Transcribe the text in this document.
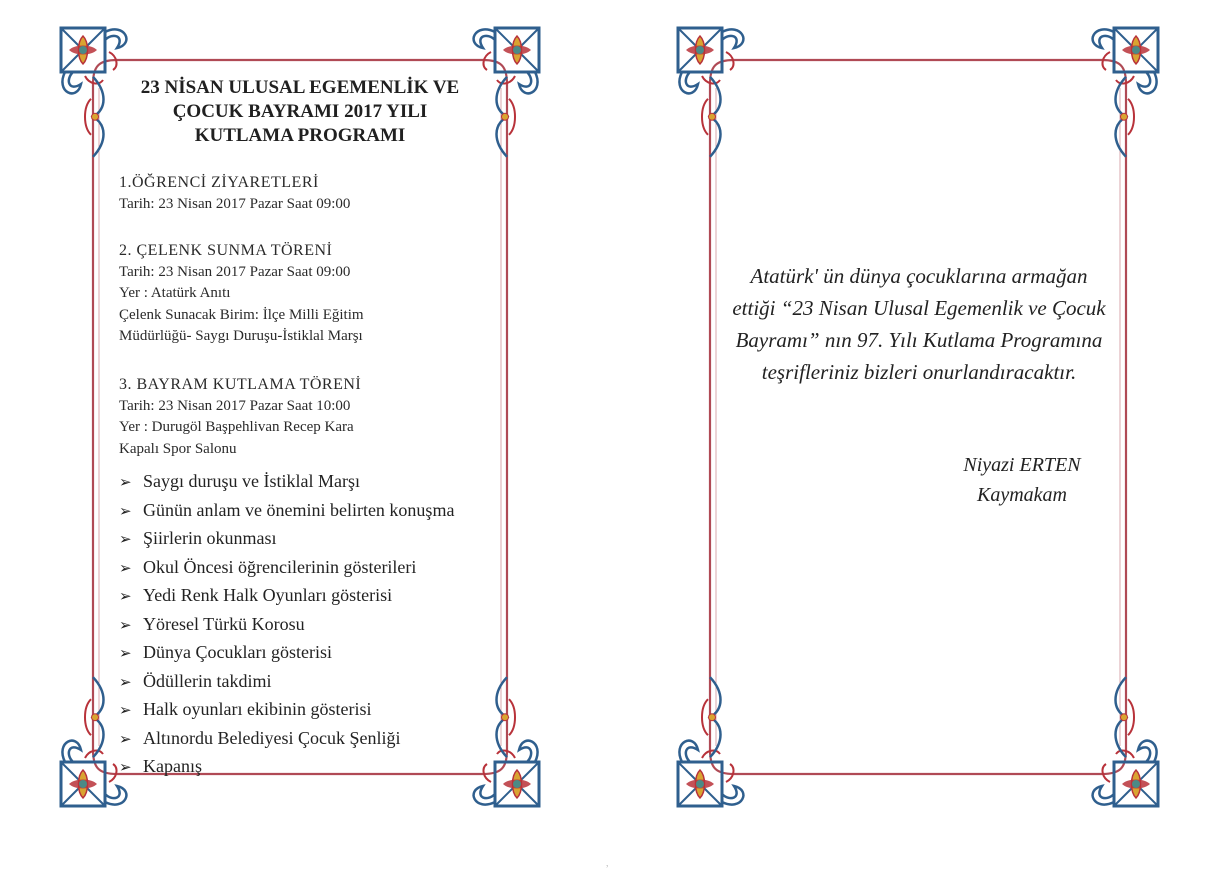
23 NİSAN ULUSAL EGEMENLİK VE
ÇOCUK BAYRAMI 2017 YILI
KUTLAMA PROGRAMI
1.ÖĞRENCİ ZİYARETLERİ
Tarih: 23 Nisan 2017 Pazar Saat 09:00
2. ÇELENK SUNMA TÖRENİ
Tarih: 23 Nisan 2017 Pazar Saat 09:00
Yer : Atatürk Anıtı
Çelenk Sunacak Birim: İlçe Milli Eğitim
Müdürlüğü- Saygı Duruşu-İstiklal Marşı
3. BAYRAM KUTLAMA TÖRENİ
Tarih: 23 Nisan 2017 Pazar Saat 10:00
Yer : Durugöl Başpehlivan Recep Kara
Kapalı Spor Salonu
➢ Saygı duruşu ve İstiklal Marşı
➢ Günün anlam ve önemini belirten konuşma
➢ Şiirlerin okunması
➢ Okul Öncesi öğrencilerinin gösterileri
➢ Yedi Renk Halk Oyunları gösterisi
➢ Yöresel Türkü Korosu
➢ Dünya Çocukları gösterisi
➢ Ödüllerin takdimi
➢ Halk oyunları ekibinin gösterisi
➢ Altınordu Belediyesi Çocuk Şenliği
➢ Kapanış
Atatürk' ün dünya çocuklarına armağan
ettiği “23 Nisan Ulusal Egemenlik ve Çocuk
Bayramı” nın 97. Yılı Kutlama Programına
teşrifleriniz bizleri onurlandıracaktır.
Niyazi ERTEN
Kaymakam
,
